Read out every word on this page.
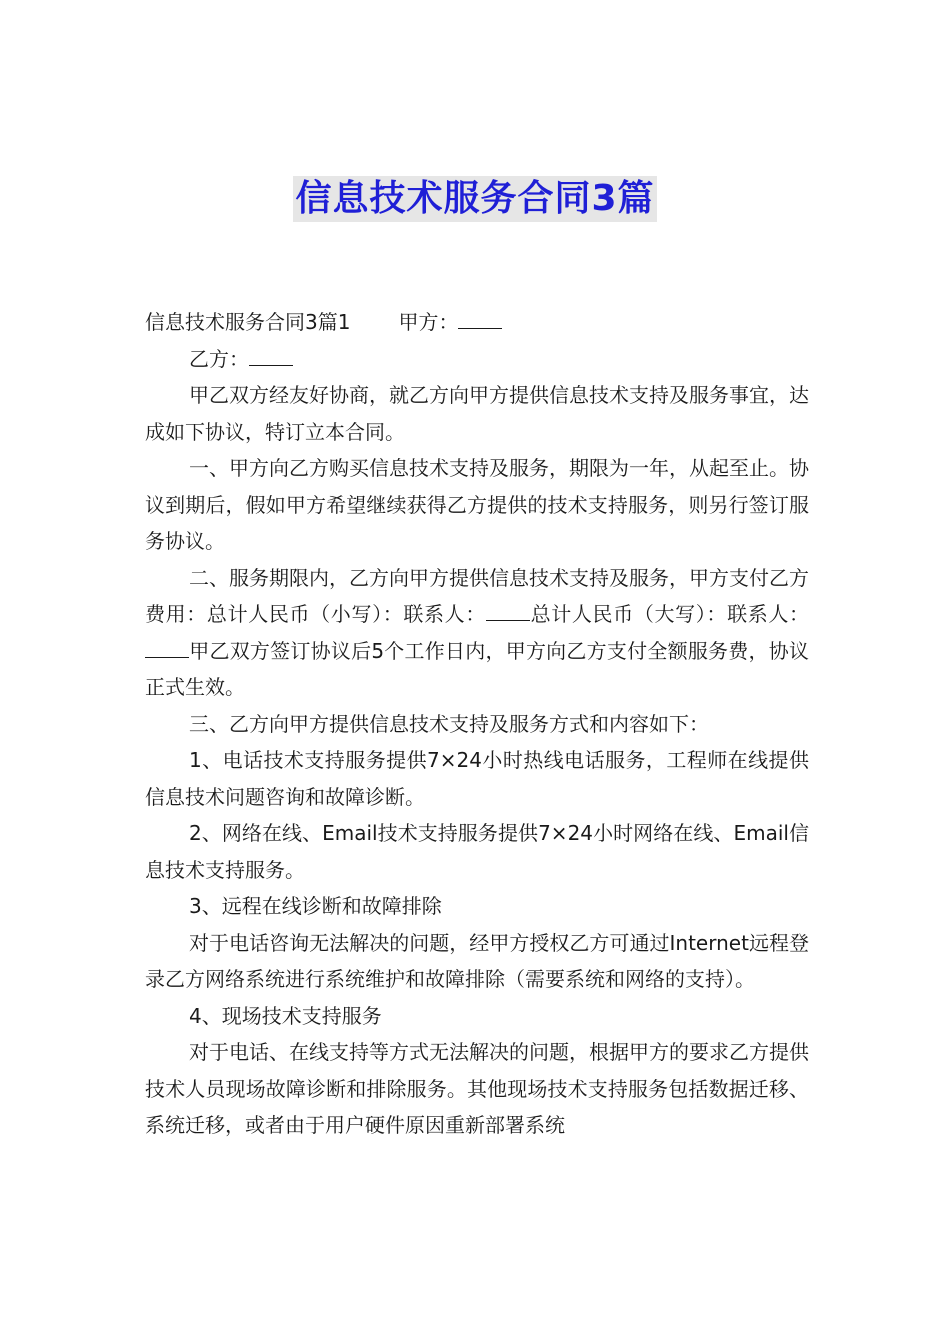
信息技术服务合同3篇

信息技术服务合同3篇1 甲方：

乙方：

甲乙双方经友好协商，就乙方向甲方提供信息技术支持及服务事宜，达成如下协议，特订立本合同。

一、甲方向乙方购买信息技术支持及服务，期限为一年，从起至止。协议到期后，假如甲方希望继续获得乙方提供的技术支持服务，则另行签订服务协议。

二、服务期限内，乙方向甲方提供信息技术支持及服务，甲方支付乙方费用：总计人民币（小写）：联系人： 总计人民币（大写）：联系人：甲乙双方签订协议后5个工作日内，甲方向乙方支付全额服务费，协议正式生效。

三、乙方向甲方提供信息技术支持及服务方式和内容如下：

1、电话技术支持服务提供7×24小时热线电话服务，工程师在线提供信息技术问题咨询和故障诊断。

2、网络在线、Email技术支持服务提供7×24小时网络在线、Email信息技术支持服务。

3、远程在线诊断和故障排除

对于电话咨询无法解决的问题，经甲方授权乙方可通过Internet远程登录乙方网络系统进行系统维护和故障排除（需要系统和网络的支持）。

4、现场技术支持服务

对于电话、在线支持等方式无法解决的问题，根据甲方的要求乙方提供技术人员现场故障诊断和排除服务。其他现场技术支持服务包括数据迁移、系统迁移，或者由于用户硬件原因重新部署系统
